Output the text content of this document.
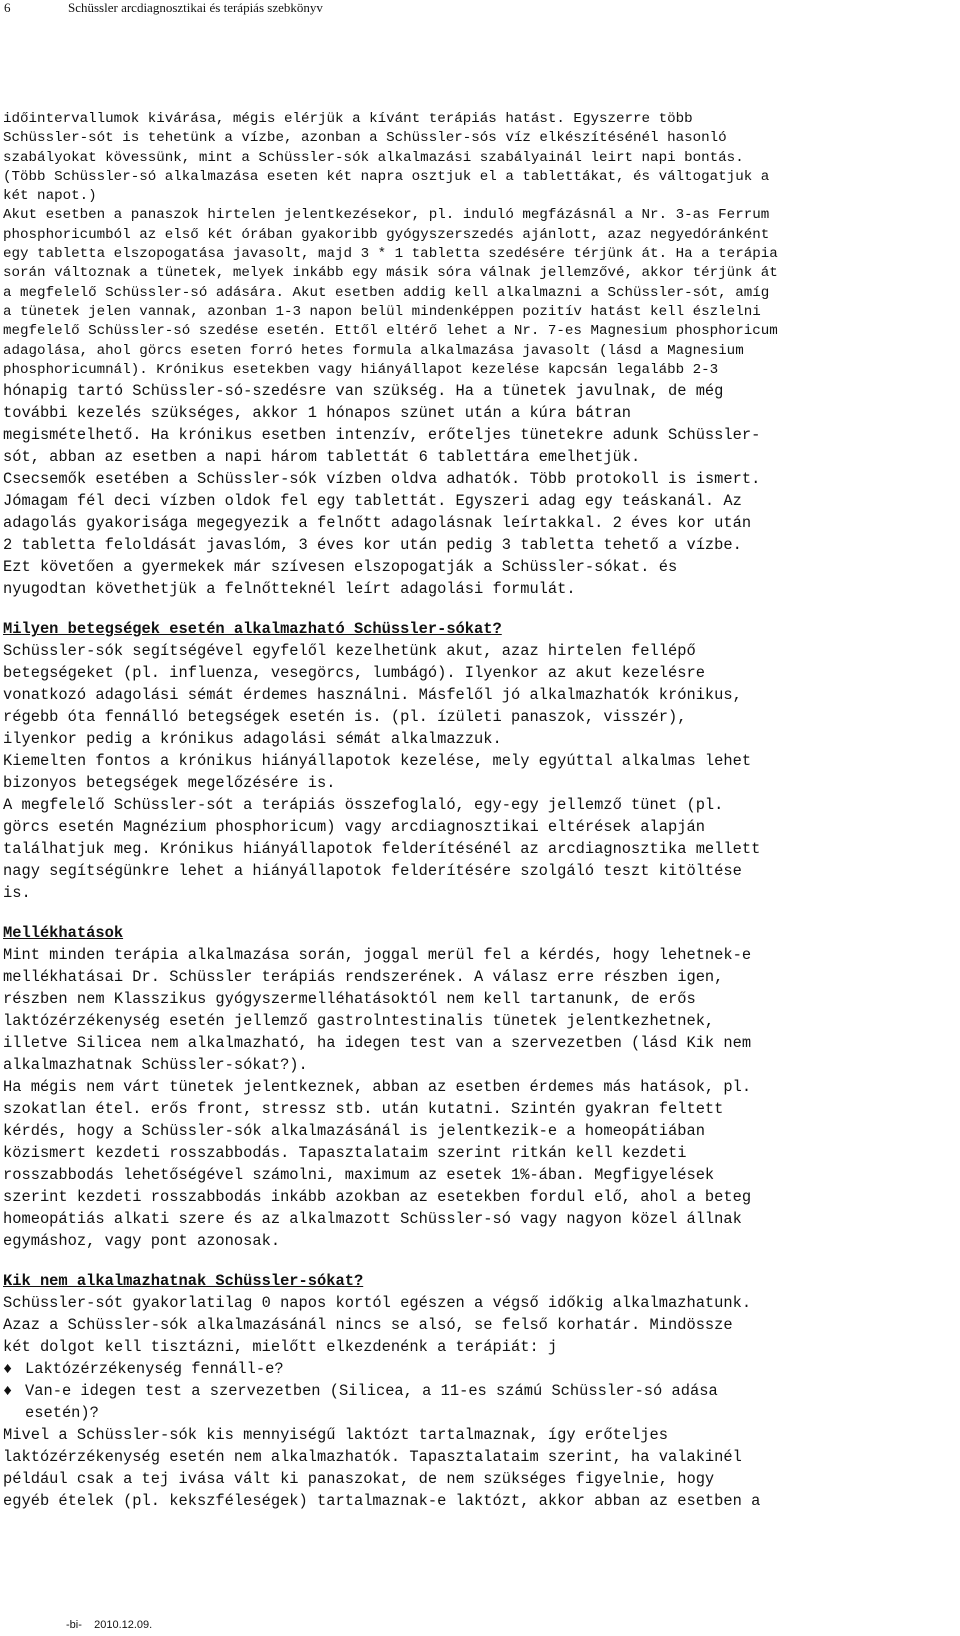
6	Schüssler arcdiagnosztikai és terápiás szebkönyv
időintervallumok kivárása, mégis elérjük a kívánt terápiás hatást. Egyszerre több
Schüssler-sót is tehetünk a vízbe, azonban a Schüssler-sós víz elkészítésénél hasonló
szabályokat kövessünk, mint a Schüssler-sók alkalmazási szabályainál leirt napi bontás.
(Több Schüssler-só alkalmazása eseten két napra osztjuk el a tablettákat, és váltogatjuk a
két napot.)
Akut esetben a panaszok hirtelen jelentkezésekor, pl. induló megfázásnál a Nr. 3-as Ferrum
phosphoricumból az első két órában gyakoribb gyógyszerszedés ajánlott, azaz negyedóránként
egy tabletta elszopogatása javasolt, majd 3 * 1 tabletta szedésére térjünk át. Ha a terápia
során változnak a tünetek, melyek inkább egy másik sóra válnak jellemzővé, akkor térjünk át
a megfelelő Schüssler-só adására. Akut esetben addig kell alkalmazni a Schüssler-sót, amíg
a tünetek jelen vannak, azonban 1-3 napon belül mindenképpen pozitív hatást kell észlelni
megfelelő Schüssler-só szedése esetén. Ettől eltérő lehet a Nr. 7-es Magnesium phosphoricum
adagolása, ahol görcs eseten forró hetes formula alkalmazása javasolt (lásd a Magnesium
phosphoricumnál). Krónikus esetekben vagy hiányállapot kezelése kapcsán legalább 2-3
hónapig tartó Schüssler-só-szedésre van szükség. Ha a tünetek javulnak, de még
további kezelés szükséges, akkor 1 hónapos szünet után a kúra bátran
megismételhető. Ha krónikus esetben intenzív, erőteljes tünetekre adunk Schüssler-
sót, abban az esetben a napi három tablettát 6 tablettára emelhetjük.
Csecsemők esetében a Schüssler-sók vízben oldva adhatók. Több protokoll is ismert.
Jómagam fél deci vízben oldok fel egy tablettát. Egyszeri adag egy teáskanál. Az
adagolás gyakorisága megegyezik a felnőtt adagolásnak leírtakkal. 2 éves kor után
2 tabletta feloldását javaslóm, 3 éves kor után pedig 3 tabletta tehető a vízbe.
Ezt követően a gyermekek már szívesen elszopogatják a Schüssler-sókat. és
nyugodtan követhetjük a felnőtteknél leírt adagolási formulát.
Milyen betegségek esetén alkalmazható Schüssler-sókat?
Schüssler-sók segítségével egyfelől kezelhetünk akut, azaz hirtelen fellépő
betegségeket (pl. influenza, vesegörcs, lumbágó). Ilyenkor az akut kezelésre
vonatkozó adagolási sémát érdemes használni. Másfelől jó alkalmazhatók krónikus,
régebb óta fennálló betegségek esetén is. (pl. ízületi panaszok, visszér),
ilyenkor pedig a krónikus adagolási sémát alkalmazzuk.
Kiemelten fontos a krónikus hiányállapotok kezelése, mely egyúttal alkalmas lehet
bizonyos betegségek megelőzésére is.
A megfelelő Schüssler-sót a terápiás összefoglaló, egy-egy jellemző tünet (pl.
görcs esetén Magnézium phosphoricum) vagy arcdiagnosztikai eltérések alapján
találhatjuk meg. Krónikus hiányállapotok felderítésénél az arcdiagnosztika mellett
nagy segítségünkre lehet a hiányállapotok felderítésére szolgáló teszt kitöltése
is.
Mellékhatások
Mint minden terápia alkalmazása során, joggal merül fel a kérdés, hogy lehetnek-e
mellékhatásai Dr. Schüssler terápiás rendszerének. A válasz erre részben igen,
részben nem Klasszikus gyógyszermelléhatásoktól nem kell tartanunk, de erős
laktózérzékenység esetén jellemző gastrolntestinalis tünetek jelentkezhetnek,
illetve Silicea nem alkalmazható, ha idegen test van a szervezetben (lásd Kik nem
alkalmazhatnak Schüssler-sókat?).
Ha mégis nem várt tünetek jelentkeznek, abban az esetben érdemes más hatások, pl.
szokatlan étel. erős front, stressz stb. után kutatni. Szintén gyakran feltett
kérdés, hogy a Schüssler-sók alkalmazásánál is jelentkezik-e a homeopátiában
közismert kezdeti rosszabbodás. Tapasztalataim szerint ritkán kell kezdeti
rosszabbodás lehetőségével számolni, maximum az esetek 1%-ában. Megfigyelések
szerint kezdeti rosszabbodás inkább azokban az esetekben fordul elő, ahol a beteg
homeopátiás alkati szere és az alkalmazott Schüssler-só vagy nagyon közel állnak
egymáshoz, vagy pont azonosak.
Kik nem alkalmazhatnak Schüssler-sókat?
Schüssler-sót gyakorlatilag 0 napos kortól egészen a végső időkig alkalmazhatunk.
Azaz a Schüssler-sók alkalmazásánál nincs se alsó, se felső korhatár. Mindössze
két dolgot kell tisztázni, mielőtt elkezdenénk a terápiát: j
♦ Laktózérzékenység fennáll-e?
♦ Van-e idegen test a szervezetben (Silicea, a 11-es számú Schüssler-só adása
esetén)?
Mivel a Schüssler-sók kis mennyiségű laktózt tartalmaznak, így erőteljes
laktózérzékenység esetén nem alkalmazhatók. Tapasztalataim szerint, ha valakinél
például csak a tej ivása vált ki panaszokat, de nem szükséges figyelnie, hogy
egyéb ételek (pl. kekszféleségek) tartalmaznak-e laktózt, akkor abban az esetben a
-bi-    2010.12.09.
